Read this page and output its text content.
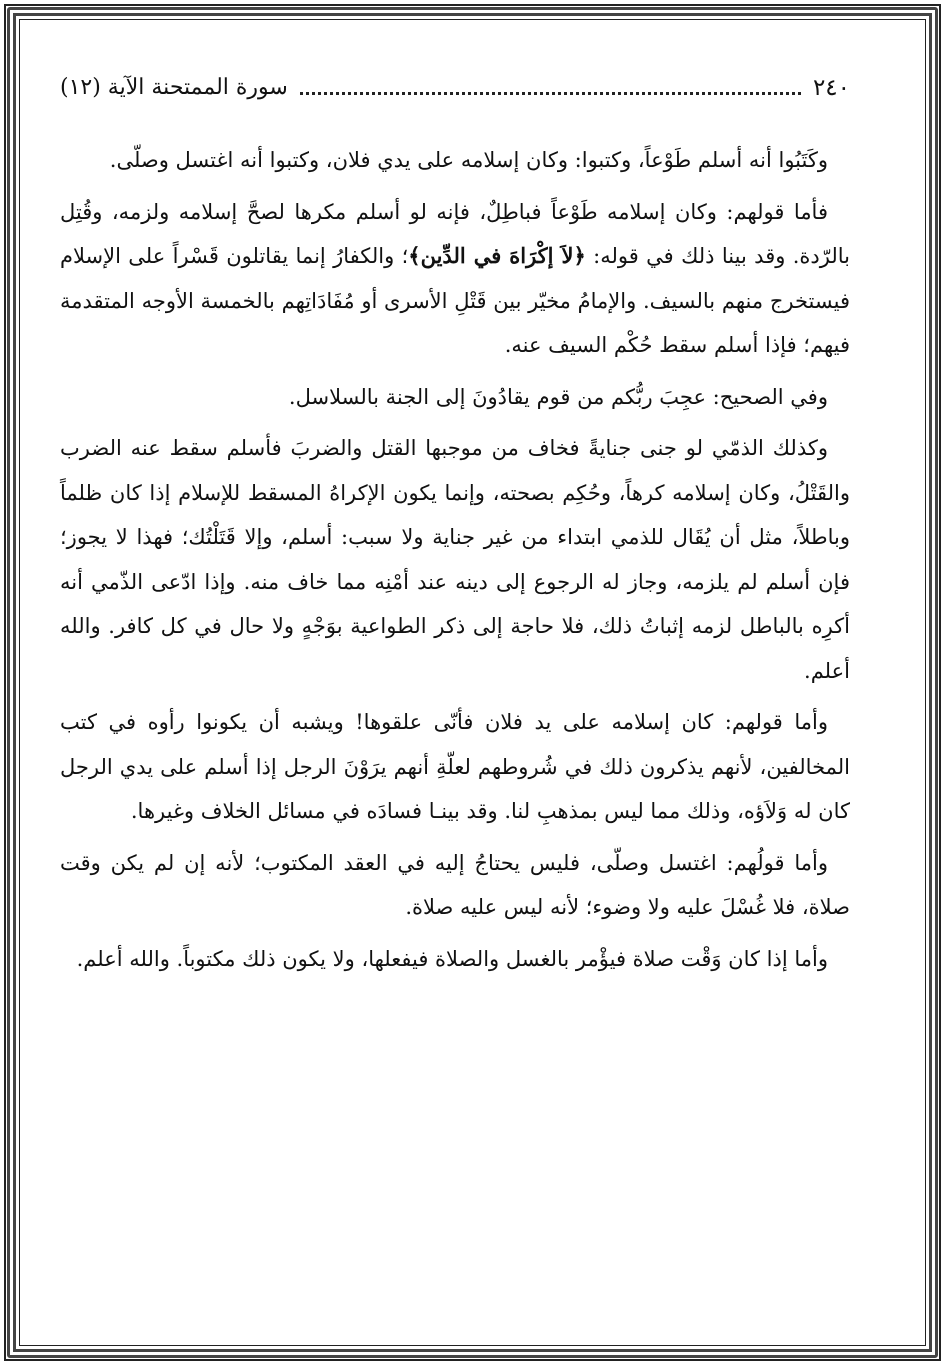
٢٤٠
سورة الممتحنة الآية (١٢)

وكَتَبُوا أنه أسلم طَوْعاً، وكتبوا: وكان إسلامه على يدي فلان، وكتبوا أنه اغتسل وصلّى.

فأما قولهم: وكان إسلامه طَوْعاً فباطِلٌ، فإنه لو أسلم مكرها لصحَّ إسلامه ولزمه، وقُتِل بالرّدة. وقد بينا ذلك في قوله: ﴿لاَ إكْرَاهَ في الدِّين﴾؛ والكفارُ إنما يقاتلون قَسْراً على الإسلام فيستخرج منهم بالسيف. والإمامُ مخيّر بين قَتْلِ الأسرى أو مُفَادَاتِهم بالخمسة الأوجه المتقدمة فيهم؛ فإذا أسلم سقط حُكْم السيف عنه.

وفي الصحيح: عجِبَ ربُّكم من قوم يقادُونَ إلى الجنة بالسلاسل.

وكذلك الذمّي لو جنى جنايةً فخاف من موجبها القتل والضربَ فأسلم سقط عنه الضرب والقَتْلُ، وكان إسلامه كرهاً، وحُكِم بصحته، وإنما يكون الإكراهُ المسقط للإسلام إذا كان ظلماً وباطلاً، مثل أن يُقَال للذمي ابتداء من غير جناية ولا سبب: أسلم، وإلا قَتَلْتُك؛ فهذا لا يجوز؛ فإن أسلم لم يلزمه، وجاز له الرجوع إلى دينه عند أمْنِه مما خاف منه. وإذا ادّعى الذّمي أنه أكرِه بالباطل لزمه إثباتُ ذلك، فلا حاجة إلى ذكر الطواعية بوَجْهٍ ولا حال في كل كافر. والله أعلم.

وأما قولهم: كان إسلامه على يد فلان فأنّى علقوها! ويشبه أن يكونوا رأوه في كتب المخالفين، لأنهم يذكرون ذلك في شُروطهم لعلّةِ أنهم يرَوْنَ الرجل إذا أسلم على يدي الرجل كان له وَلاَؤه، وذلك مما ليس بمذهبِ لنا. وقد بينـا فسادَه في مسائل الخلاف وغيرها.

وأما قولُهم: اغتسل وصلّى، فليس يحتاجُ إليه في العقد المكتوب؛ لأنه إن لم يكن وقت صلاة، فلا غُسْلَ عليه ولا وضوء؛ لأنه ليس عليه صلاة.

وأما إذا كان وَقْت صلاة فيؤْمر بالغسل والصلاة فيفعلها، ولا يكون ذلك مكتوباً. والله أعلم.
